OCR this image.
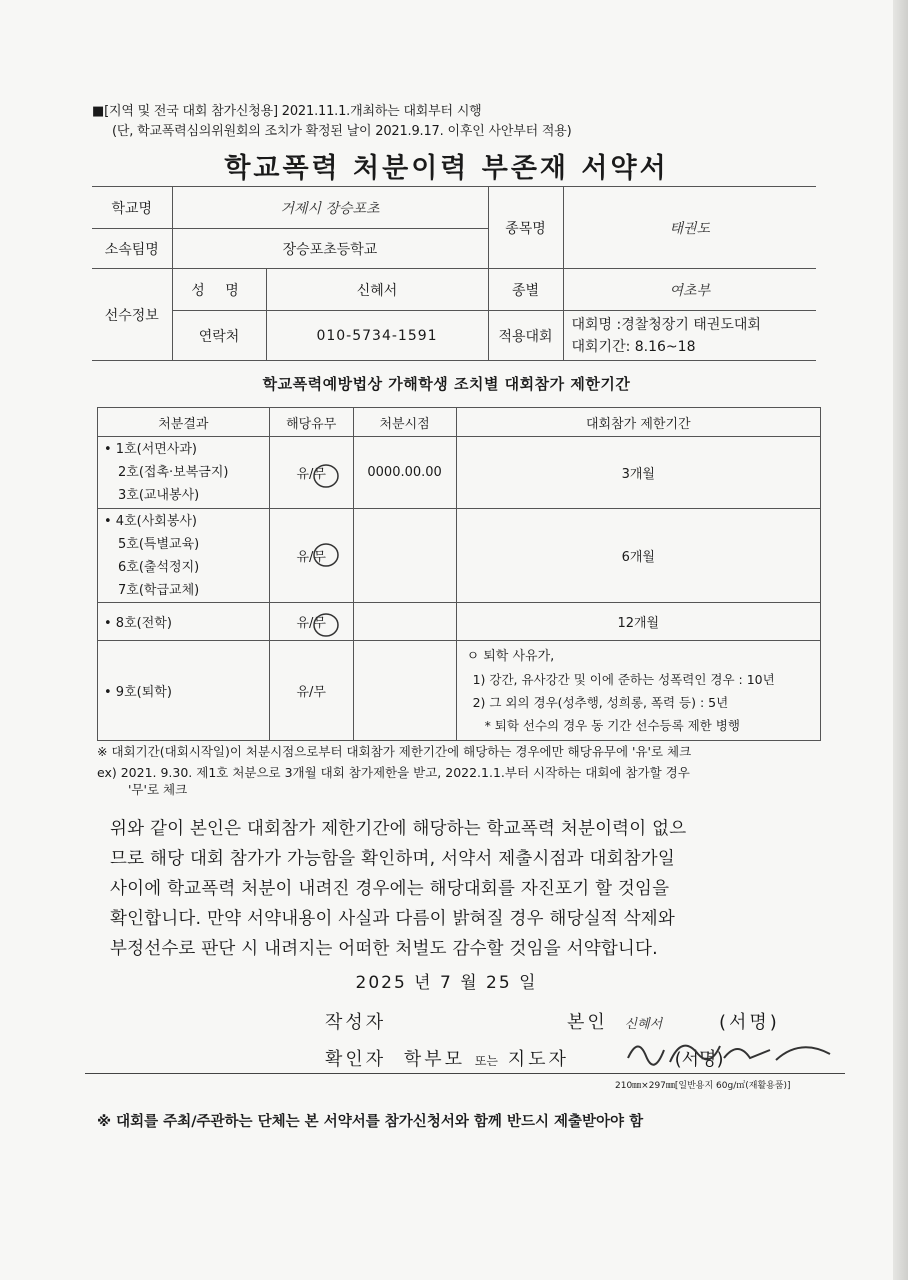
■[지역 및 전국 대회 참가신청용] 2021.11.1.개최하는 대회부터 시행
(단, 학교폭력심의위원회의 조치가 확정된 날이 2021.9.17. 이후인 사안부터 적용)
학교폭력 처분이력 부존재 서약서
학교명	거제시 장승포초		종목명	태권도
소속팀명	장승포초등학교			
선수정보	성 명	신혜서	종별	여초부
	연락처	010-5734-1591	적용대회	대회명 :경찰청장기 태권도대회
대회기간: 8.16~18
학교폭력예방법상 가해학생 조치별 대회참가 제한기간
처분결과	해당유무	처분시점	대회참가 제한기간

• 1호(서면사과)
2호(접촉·보복금지)
3호(교내봉사)	유/무	0000.00.00	3개월

• 4호(사회봉사)
5호(특별교육)
6호(출석정지)
7호(학급교체)	유/무		6개월
• 8호(전학)	유/무		12개월
• 9호(퇴학)	유/무		ㅇ 퇴학 사유가,
1) 강간, 유사강간 및 이에 준하는 성폭력인 경우 : 10년
2) 그 외의 경우(성추행, 성희롱, 폭력 등) : 5년
* 퇴학 선수의 경우 동 기간 선수등록 제한 병행
※ 대회기간(대회시작일)이 처분시점으로부터 대회참가 제한기간에 해당하는 경우에만 해당유무에 '유'로 체크
ex) 2021. 9.30. 제1호 처분으로 3개월 대회 참가제한을 받고, 2022.1.1.부터 시작하는 대회에 참가할 경우
'무'로 체크
위와 같이 본인은 대회참가 제한기간에 해당하는 학교폭력 처분이력이 없으
므로 해당 대회 참가가 가능함을 확인하며, 서약서 제출시점과 대회참가일
사이에 학교폭력 처분이 내려진 경우에는 해당대회를 자진포기 할 것임을
확인합니다. 만약 서약내용이 사실과 다름이 밝혀질 경우 해당실적 삭제와
부정선수로 판단 시 내려지는 어떠한 처벌도 감수할 것임을 서약합니다.
2025 년 7 월 25 일
작성자	본인 신혜서	(서명)
확인자 학부모 또는 지도자	(서명)
210㎜×297㎜[일반용지 60g/㎡(재활용품)]
※ 대회를 주최/주관하는 단체는 본 서약서를 참가신청서와 함께 반드시 제출받아야 함
